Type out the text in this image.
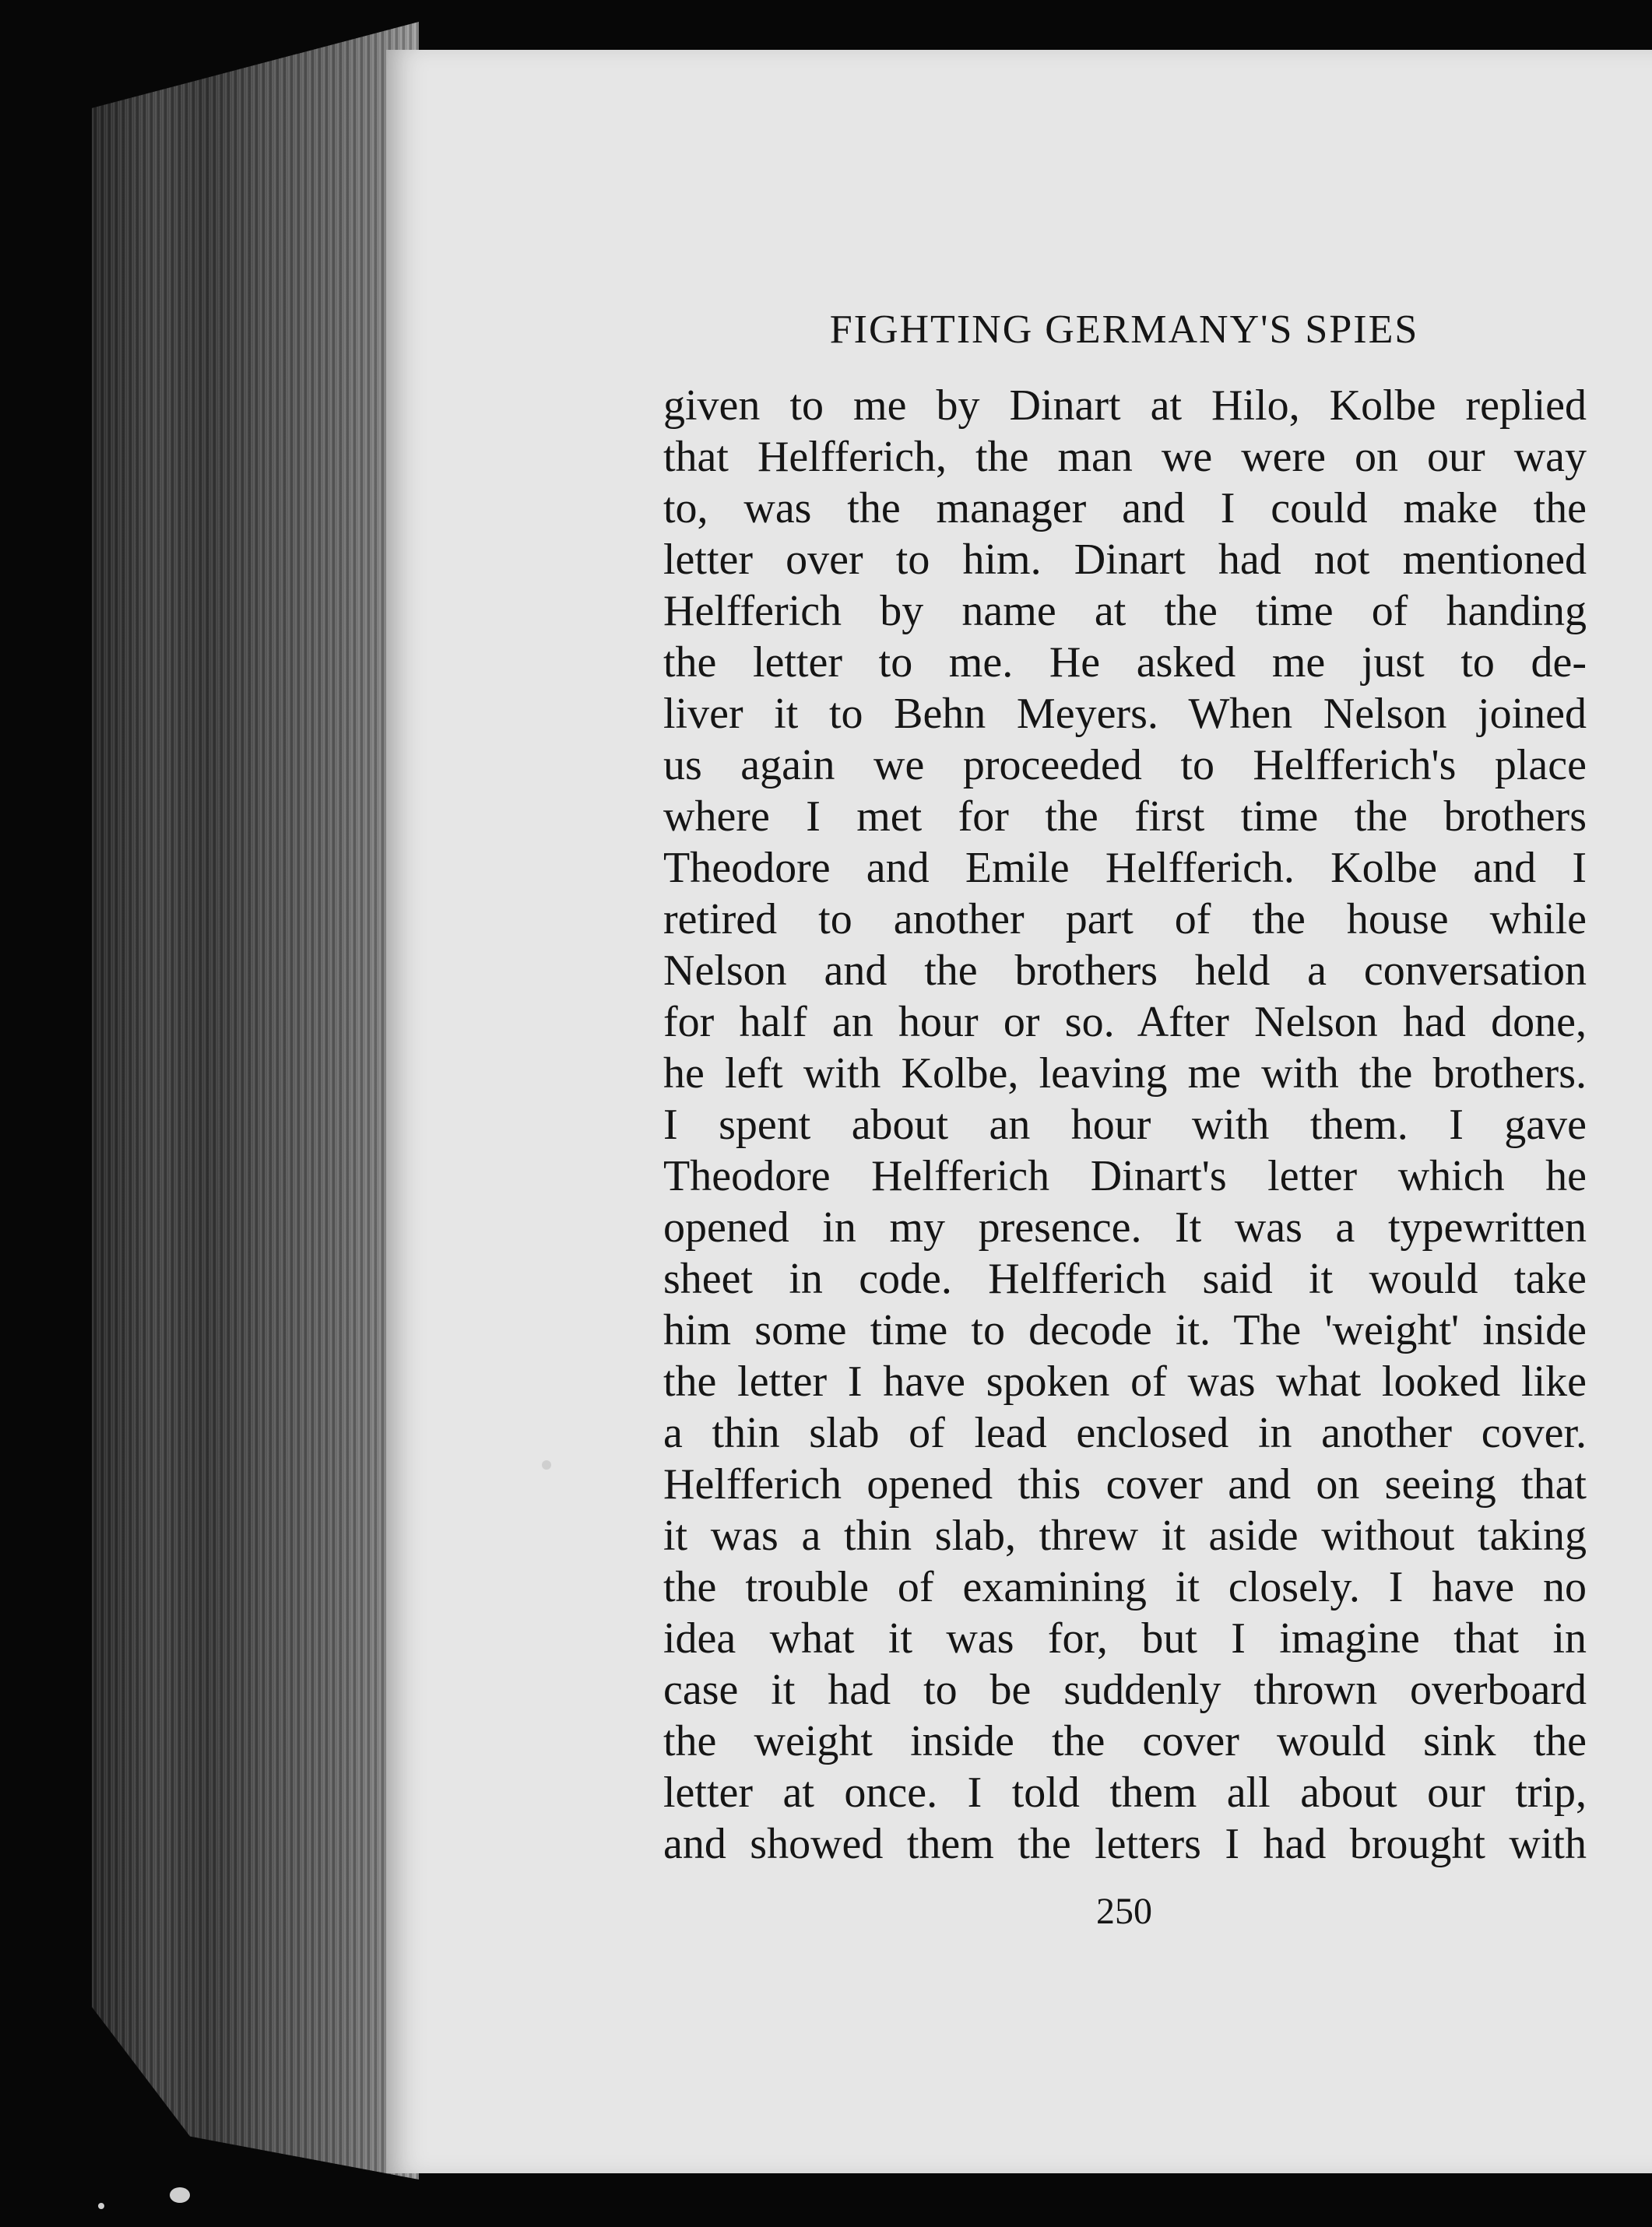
FIGHTING GERMANY'S SPIES
given to me by Dinart at Hilo, Kolbe replied
that Helfferich, the man we were on our way
to, was the manager and I could make the
letter over to him. Dinart had not mentioned
Helfferich by name at the time of handing
the letter to me. He asked me just to de-
liver it to Behn Meyers. When Nelson joined
us again we proceeded to Helfferich's place
where I met for the first time the brothers
Theodore and Emile Helfferich. Kolbe and I
retired to another part of the house while
Nelson and the brothers held a conversation
for half an hour or so. After Nelson had done,
he left with Kolbe, leaving me with the brothers.
I spent about an hour with them. I gave
Theodore Helfferich Dinart's letter which he
opened in my presence. It was a typewritten
sheet in code. Helfferich said it would take
him some time to decode it. The 'weight' inside
the letter I have spoken of was what looked like
a thin slab of lead enclosed in another cover.
Helfferich opened this cover and on seeing that
it was a thin slab, threw it aside without taking
the trouble of examining it closely. I have no
idea what it was for, but I imagine that in
case it had to be suddenly thrown overboard
the weight inside the cover would sink the
letter at once. I told them all about our trip,
and showed them the letters I had brought with
250
